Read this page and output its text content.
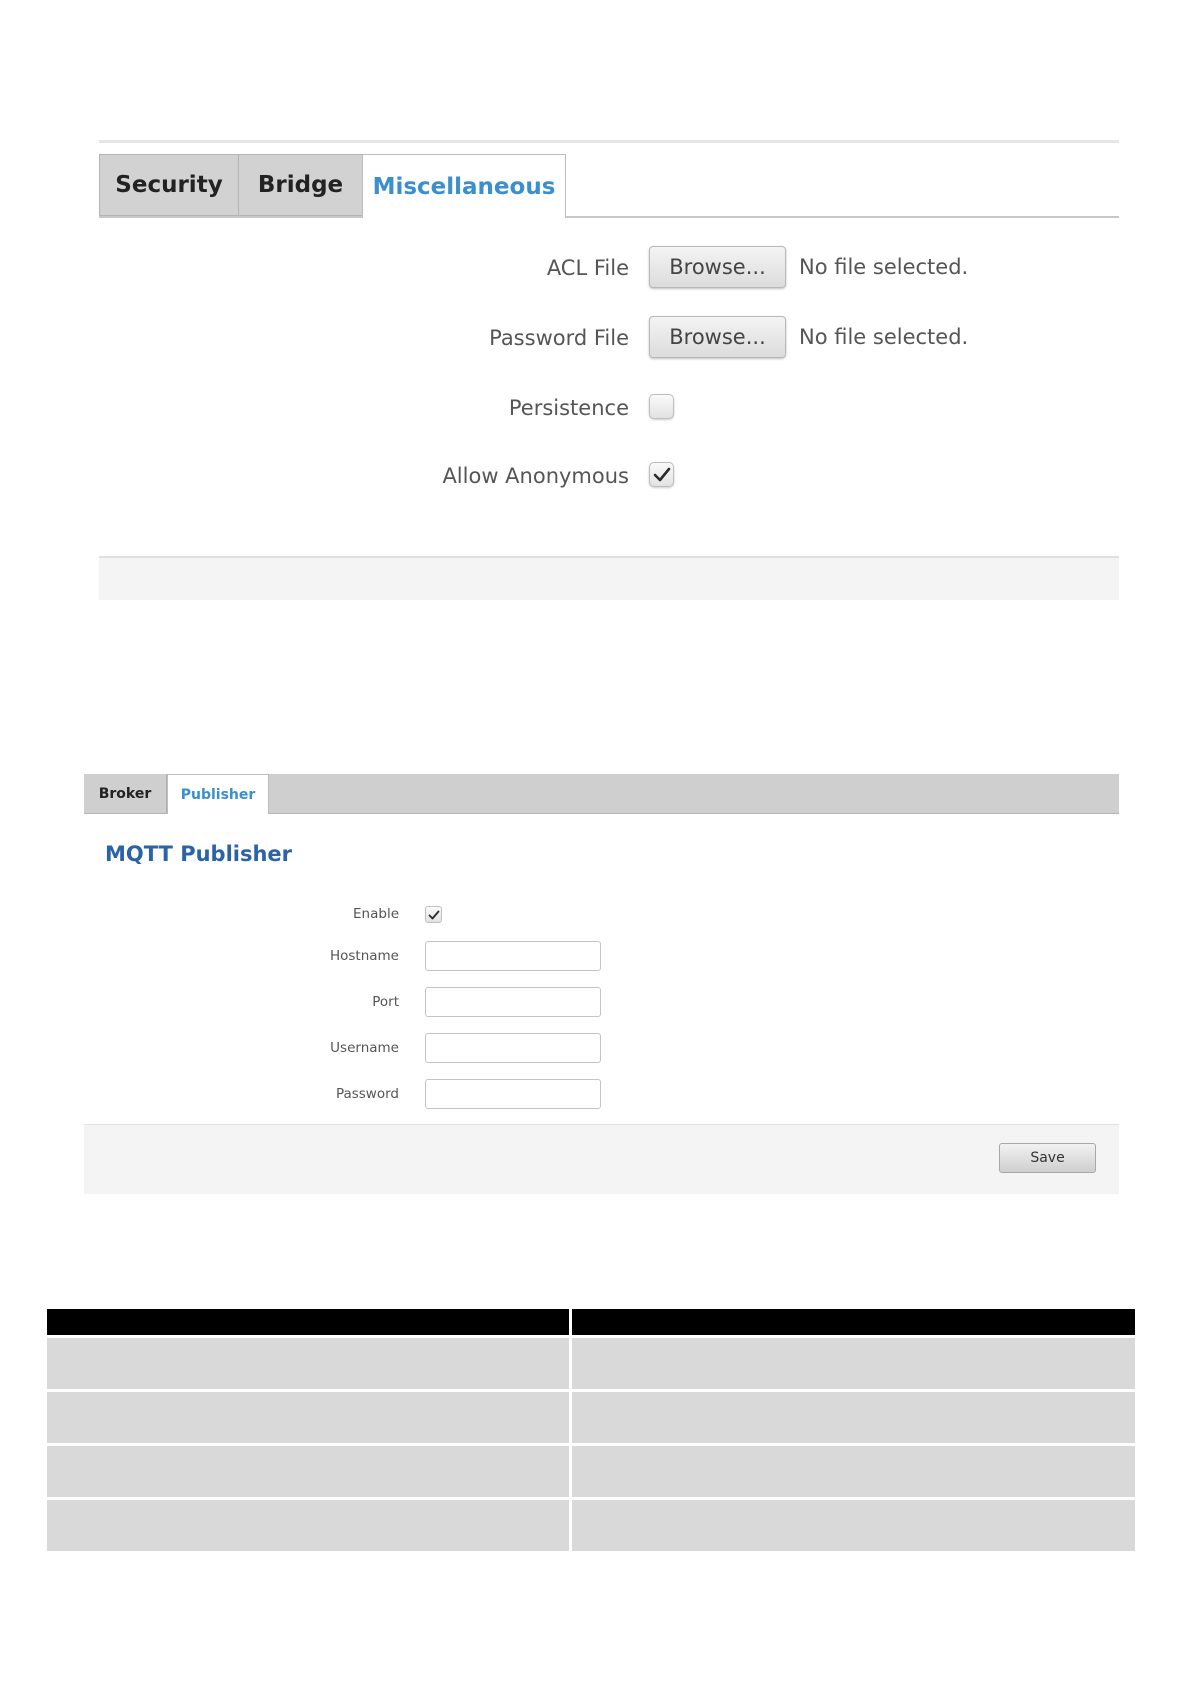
Security	Bridge	Miscellaneous
ACL File	Browse...	No file selected.
Password File	Browse...	No file selected.
Persistence
Allow Anonymous
Broker	Publisher
MQTT Publisher
Enable
Hostname
Port
Username
Password
Save
